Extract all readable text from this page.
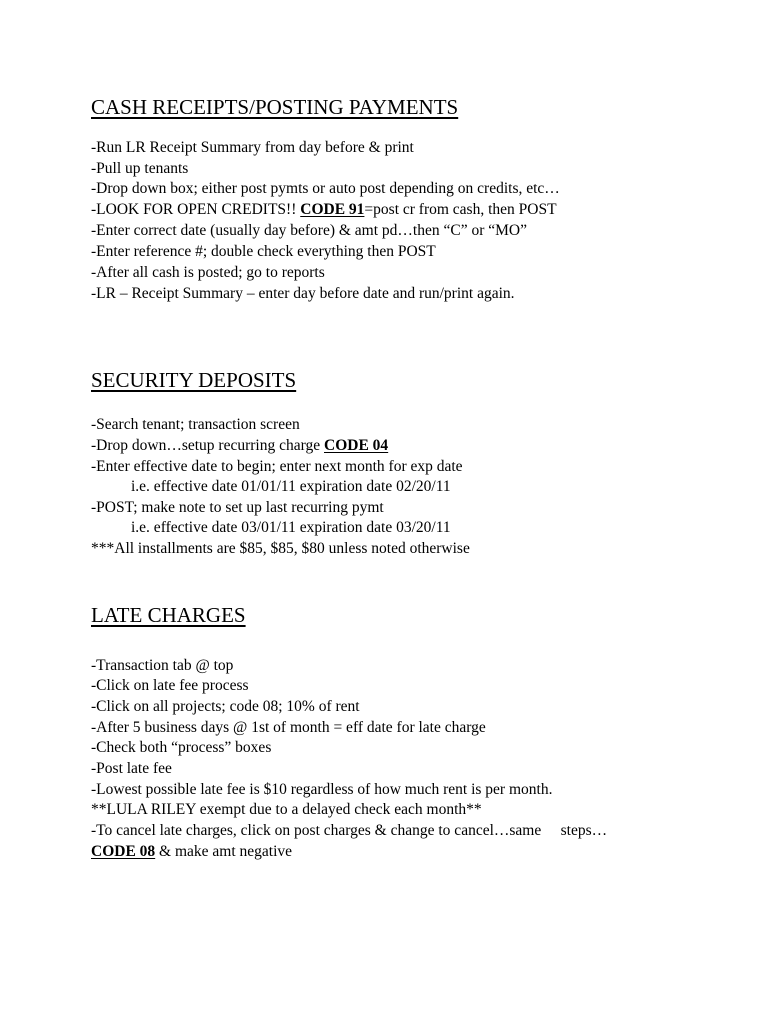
CASH RECEIPTS/POSTING PAYMENTS
-Run LR Receipt Summary from day before & print
-Pull up tenants
-Drop down box; either post pymts or auto post depending on credits, etc…
-LOOK FOR OPEN CREDITS!! CODE 91=post cr from cash, then POST
-Enter correct date (usually day before) & amt pd…then “C” or “MO”
-Enter reference #; double check everything then POST
-After all cash is posted; go to reports
-LR – Receipt Summary – enter day before date and run/print again.
SECURITY DEPOSITS
-Search tenant; transaction screen
-Drop down…setup recurring charge CODE 04
-Enter effective date to begin; enter next month for exp date
i.e. effective date 01/01/11 expiration date 02/20/11
-POST; make note to set up last recurring pymt
i.e. effective date 03/01/11 expiration date 03/20/11
***All installments are $85, $85, $80 unless noted otherwise
LATE CHARGES
-Transaction tab @ top
-Click on late fee process
-Click on all projects; code 08; 10% of rent
-After 5 business days @ 1st of month = eff date for late charge
-Check both “process” boxes
-Post late fee
-Lowest possible late fee is $10 regardless of how much rent is per month.
**LULA RILEY exempt due to a delayed check each month**
-To cancel late charges, click on post charges & change to cancel…same     steps…
CODE 08 & make amt negative
